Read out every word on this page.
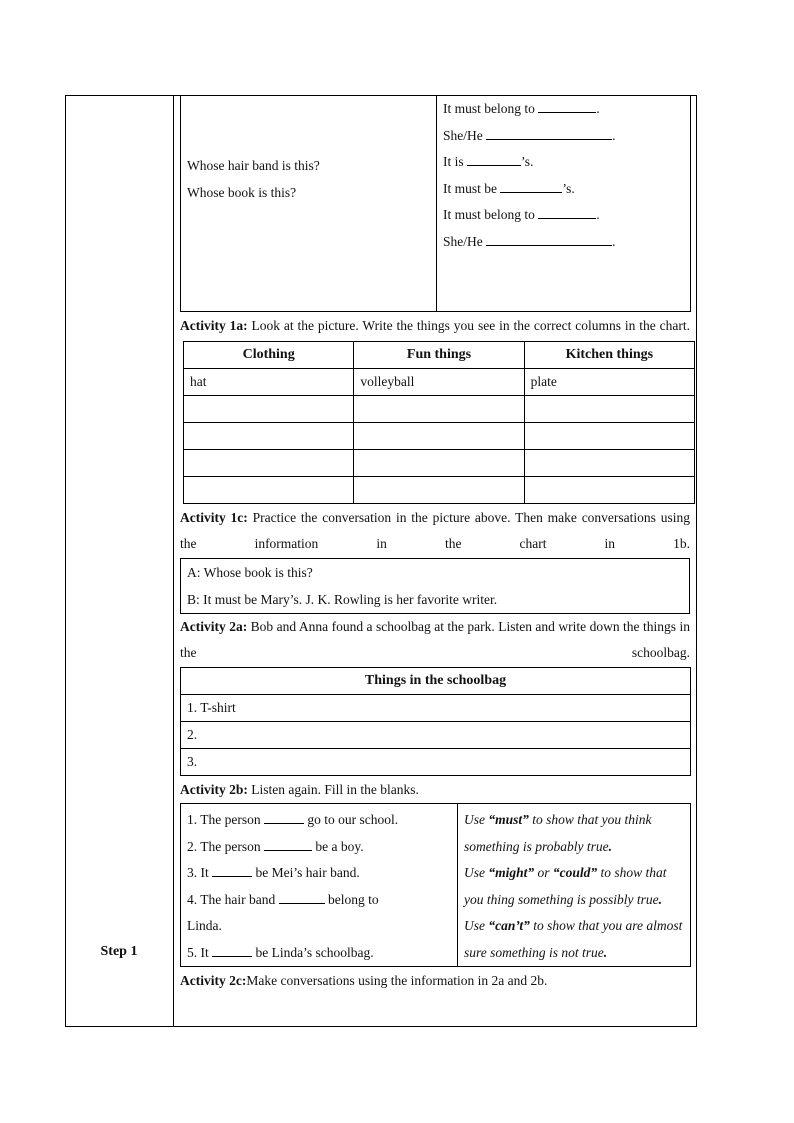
Step 1
Whose hair band is this?
Whose book is this?

It must belong to	.
She/He	.
It is	’s.
It must be	’s.
It must belong to	.
She/He	.

Activity 1a: Look at the picture. Write the things you see in the correct columns in the chart.

Clothing	Fun things	Kitchen things
hat	volleyball	plate

Activity 1c: Practice the conversation in the picture above. Then make conversations using the information in the chart in 1b.

A: Whose book is this?
B: It must be Mary’s. J. K. Rowling is her favorite writer.

Activity 2a: Bob and Anna found a schoolbag at the park. Listen and write down the things in the schoolbag.

Things in the schoolbag
1. T-shirt
2.
3.

Activity 2b: Listen again. Fill in the blanks.

1. The person	go to our school.
2. The person	be a boy.
3. It	be Mei’s hair band.
4. The hair band	belong to
Linda.
5. It	be Linda’s schoolbag.

Use “must” to show that you think something is probably true.
Use “might” or “could” to show that you thing something is possibly true.
Use “can’t” to show that you are almost sure something is not true.

Activity 2c:Make conversations using the information in 2a and 2b.
